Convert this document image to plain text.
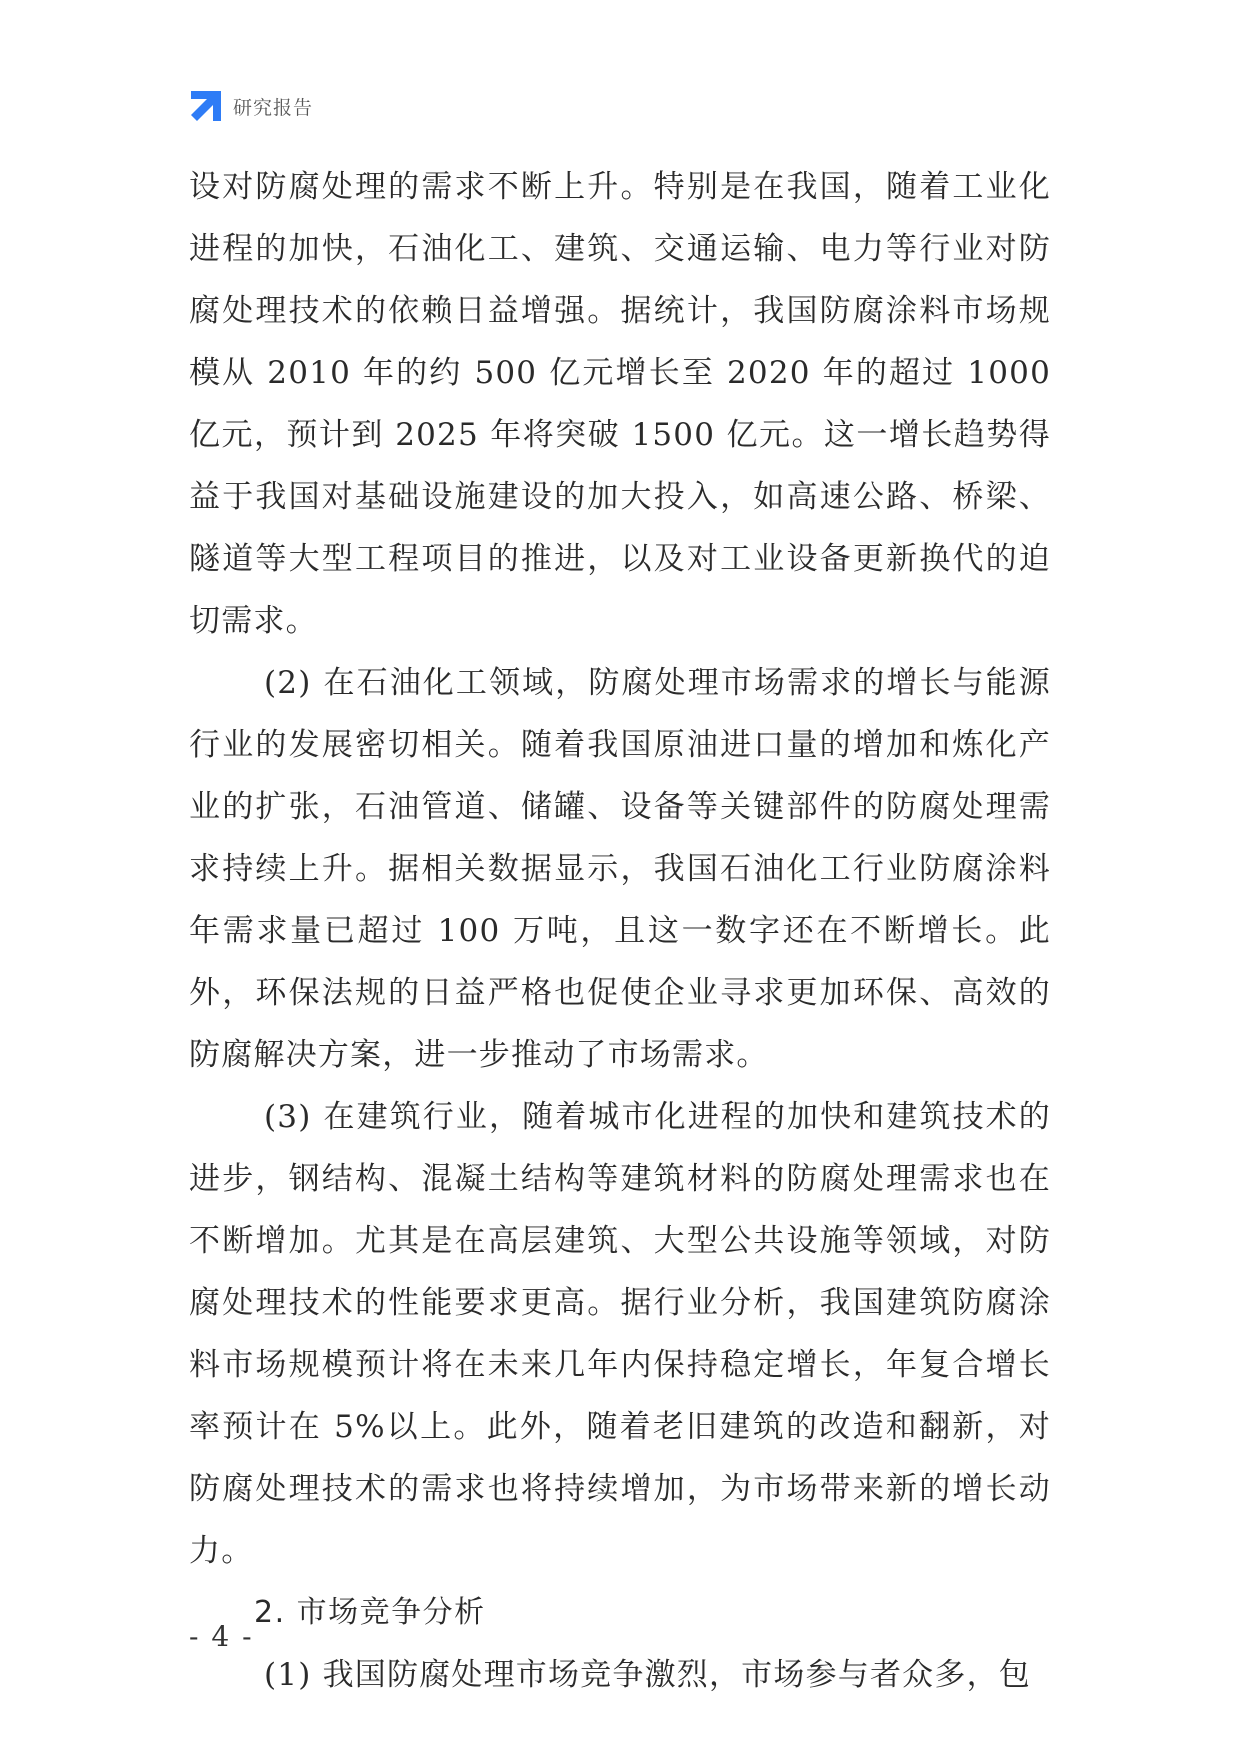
研究报告

设对防腐处理的需求不断上升。特别是在我国，随着工业化进程的加快，石油化工、建筑、交通运输、电力等行业对防腐处理技术的依赖日益增强。据统计，我国防腐涂料市场规模从 2010 年的约 500 亿元增长至 2020 年的超过 1000 亿元，预计到 2025 年将突破 1500 亿元。这一增长趋势得益于我国对基础设施建设的加大投入，如高速公路、桥梁、隧道等大型工程项目的推进，以及对工业设备更新换代的迫切需求。

(2) 在石油化工领域，防腐处理市场需求的增长与能源行业的发展密切相关。随着我国原油进口量的增加和炼化产业的扩张，石油管道、储罐、设备等关键部件的防腐处理需求持续上升。据相关数据显示，我国石油化工行业防腐涂料年需求量已超过 100 万吨，且这一数字还在不断增长。此外，环保法规的日益严格也促使企业寻求更加环保、高效的防腐解决方案，进一步推动了市场需求。

(3) 在建筑行业，随着城市化进程的加快和建筑技术的进步，钢结构、混凝土结构等建筑材料的防腐处理需求也在不断增加。尤其是在高层建筑、大型公共设施等领域，对防腐处理技术的性能要求更高。据行业分析，我国建筑防腐涂料市场规模预计将在未来几年内保持稳定增长，年复合增长率预计在 5%以上。此外，随着老旧建筑的改造和翻新，对防腐处理技术的需求也将持续增加，为市场带来新的增长动力。

2. 市场竞争分析

(1) 我国防腐处理市场竞争激烈，市场参与者众多，包

- 4 -
